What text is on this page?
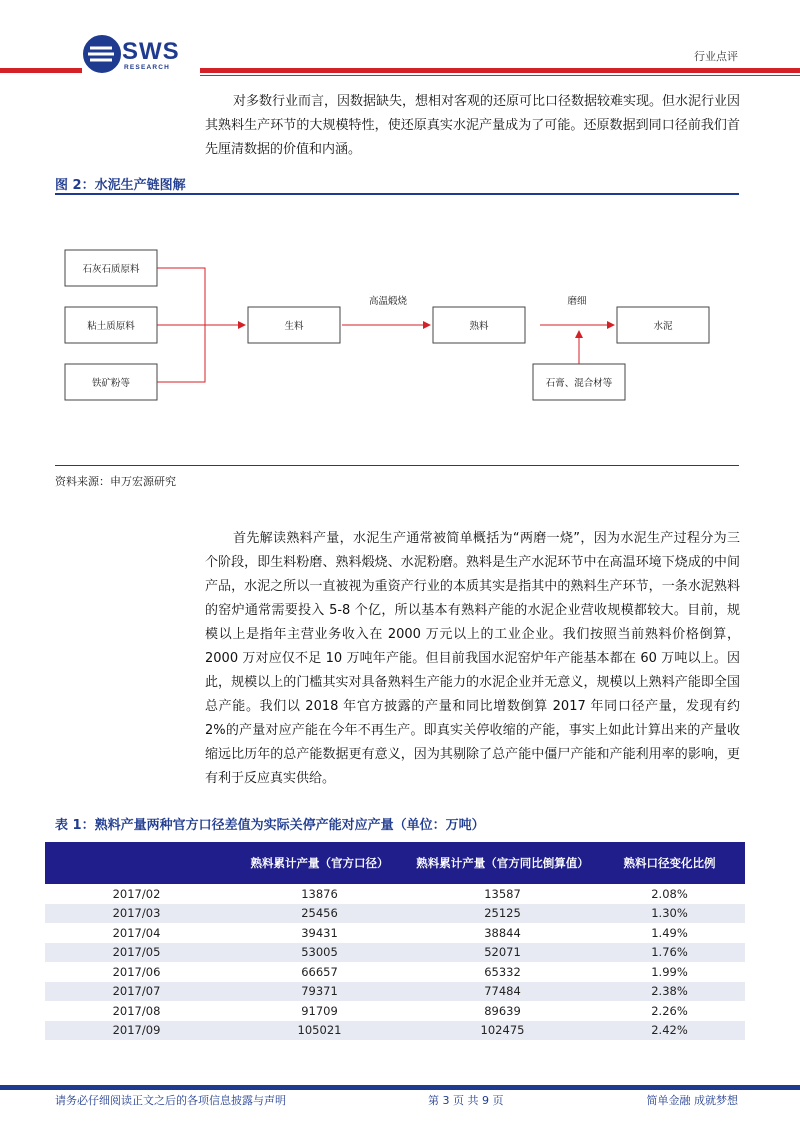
SWS
RESEARCH
行业点评

对多数行业而言，因数据缺失，想相对客观的还原可比口径数据较难实现。但水泥行业因其熟料生产环节的大规模特性，使还原真实水泥产量成为了可能。还原数据到同口径前我们首先厘清数据的价值和内涵。

图 2：水泥生产链图解
石灰石质原料
粘土质原料
铁矿粉等
生料	熟料	水泥
石膏、混合材等
高温煅烧	磨细
资料来源：申万宏源研究

首先解读熟料产量，水泥生产通常被简单概括为“两磨一烧”，因为水泥生产过程分为三个阶段，即生料粉磨、熟料煅烧、水泥粉磨。熟料是生产水泥环节中在高温环境下烧成的中间产品，水泥之所以一直被视为重资产行业的本质其实是指其中的熟料生产环节，一条水泥熟料的窑炉通常需要投入 5-8 个亿，所以基本有熟料产能的水泥企业营收规模都较大。目前，规模以上是指年主营业务收入在 2000 万元以上的工业企业。我们按照当前熟料价格倒算，2000 万对应仅不足 10 万吨年产能。但目前我国水泥窑炉年产能基本都在 60 万吨以上。因此，规模以上的门槛其实对具备熟料生产能力的水泥企业并无意义，规模以上熟料产能即全国总产能。我们以 2018 年官方披露的产量和同比增数倒算 2017 年同口径产量，发现有约 2%的产量对应产能在今年不再生产。即真实关停收缩的产能，事实上如此计算出来的产量收缩远比历年的总产能数据更有意义，因为其剔除了总产能中僵尸产能和产能利用率的影响，更有利于反应真实供给。

表 1：熟料产量两种官方口径差值为实际关停产能对应产量（单位：万吨）
	熟料累计产量（官方口径）	熟料累计产量（官方同比倒算值）	熟料口径变化比例
2017/02	13876	13587	2.08%
2017/03	25456	25125	1.30%
2017/04	39431	38844	1.49%
2017/05	53005	52071	1.76%
2017/06	66657	65332	1.99%
2017/07	79371	77484	2.38%
2017/08	91709	89639	2.26%
2017/09	105021	102475	2.42%
请务必仔细阅读正文之后的各项信息披露与声明	第 3 页 共 9 页	简单金融 成就梦想
